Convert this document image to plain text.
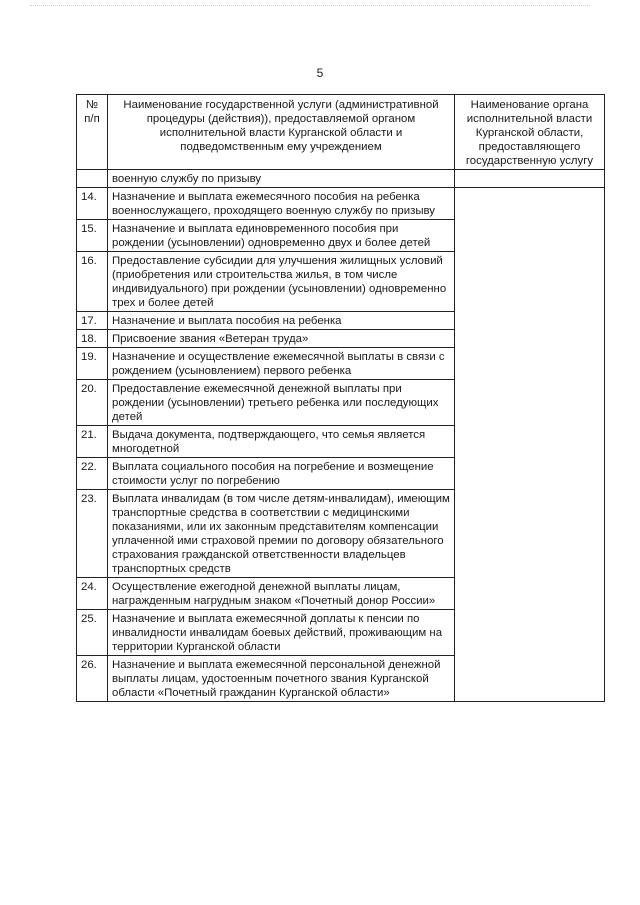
5
№
п/п	Наименование государственной услуги (административной процедуры (действия)), предоставляемой органом исполнительной власти Курганской области и подведомственным ему учреждением	Наименование органа исполнительной власти Курганской области, предоставляющего государственную услугу
	военную службу по призыву	
14.	Назначение и выплата ежемесячного пособия на ребенка военнослужащего, проходящего военную службу по призыву	
15.	Назначение и выплата единовременного пособия при рождении (усыновлении) одновременно двух и более детей	
16.	Предоставление субсидии для улучшения жилищных условий (приобретения или строительства жилья, в том числе индивидуального) при рождении (усыновлении) одновременно трех и более детей	
17.	Назначение и выплата пособия на ребенка	
18.	Присвоение звания «Ветеран труда»	
19.	Назначение и осуществление ежемесячной выплаты в связи с рождением (усыновлением) первого ребенка	
20.	Предоставление ежемесячной денежной выплаты при рождении (усыновлении) третьего ребенка или последующих детей	
21.	Выдача документа, подтверждающего, что семья является многодетной	
22.	Выплата социального пособия на погребение и возмещение стоимости услуг по погребению	
23.	Выплата инвалидам (в том числе детям-инвалидам), имеющим транспортные средства в соответствии с медицинскими показаниями, или их законным представителям компенсации уплаченной ими страховой премии по договору обязательного страхования гражданской ответственности владельцев транспортных средств	
24.	Осуществление ежегодной денежной выплаты лицам, награжденным нагрудным знаком «Почетный донор России»	
25.	Назначение и выплата ежемесячной доплаты к пенсии по инвалидности инвалидам боевых действий, проживающим на территории Курганской области	
26.	Назначение и выплата ежемесячной персональной денежной выплаты лицам, удостоенным почетного звания Курганской области «Почетный гражданин Курганской области»	
